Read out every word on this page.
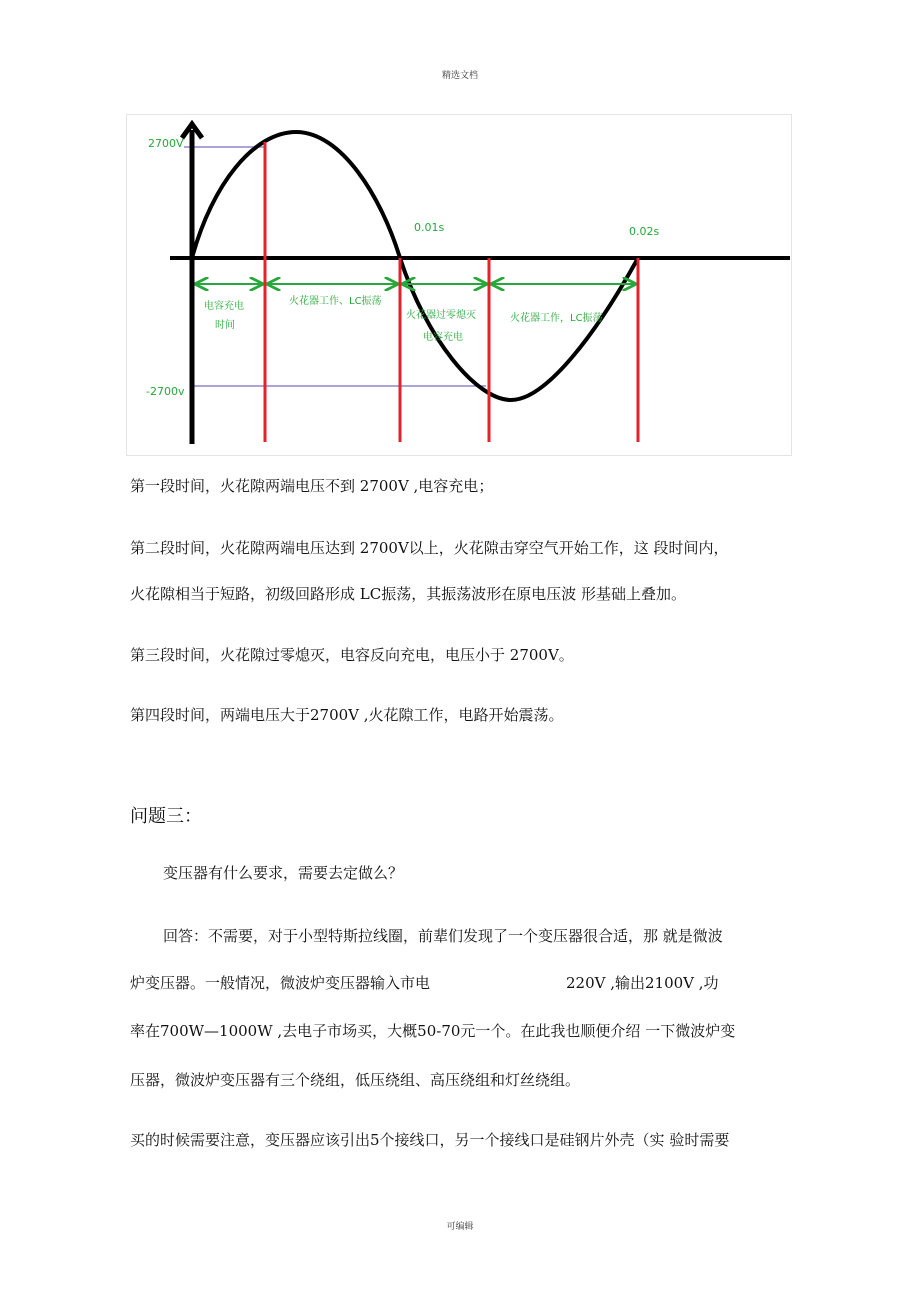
精选文档
2700V
-2700v
0.01s	0.02s
电容充电
时间
火花器工作、LC振荡
火花器过零熄灭
电容充电
火花器工作，LC振荡
第一段时间，火花隙两端电压不到 2700V ,电容充电；
第二段时间，火花隙两端电压达到 2700V以上，火花隙击穿空气开始工作，这 段时间内，
火花隙相当于短路，初级回路形成 LC振荡，其振荡波形在原电压波 形基础上叠加。
第三段时间，火花隙过零熄灭，电容反向充电，电压小于 2700V。
第四段时间，两端电压大于2700V ,火花隙工作，电路开始震荡。
问题三：
变压器有什么要求，需要去定做么？
回答：不需要，对于小型特斯拉线圈，前辈们发现了一个变压器很合适，那 就是微波
炉变压器。一般情况，微波炉变压器输入市电	220V ,输出2100V ,功
率在700W—1000W ,去电子市场买，大概50-70元一个。在此我也顺便介绍 一下微波炉变
压器，微波炉变压器有三个绕组，低压绕组、高压绕组和灯丝绕组。
买的时候需要注意，变压器应该引出5个接线口，另一个接线口是硅钢片外壳（实 验时需要
可编辑
